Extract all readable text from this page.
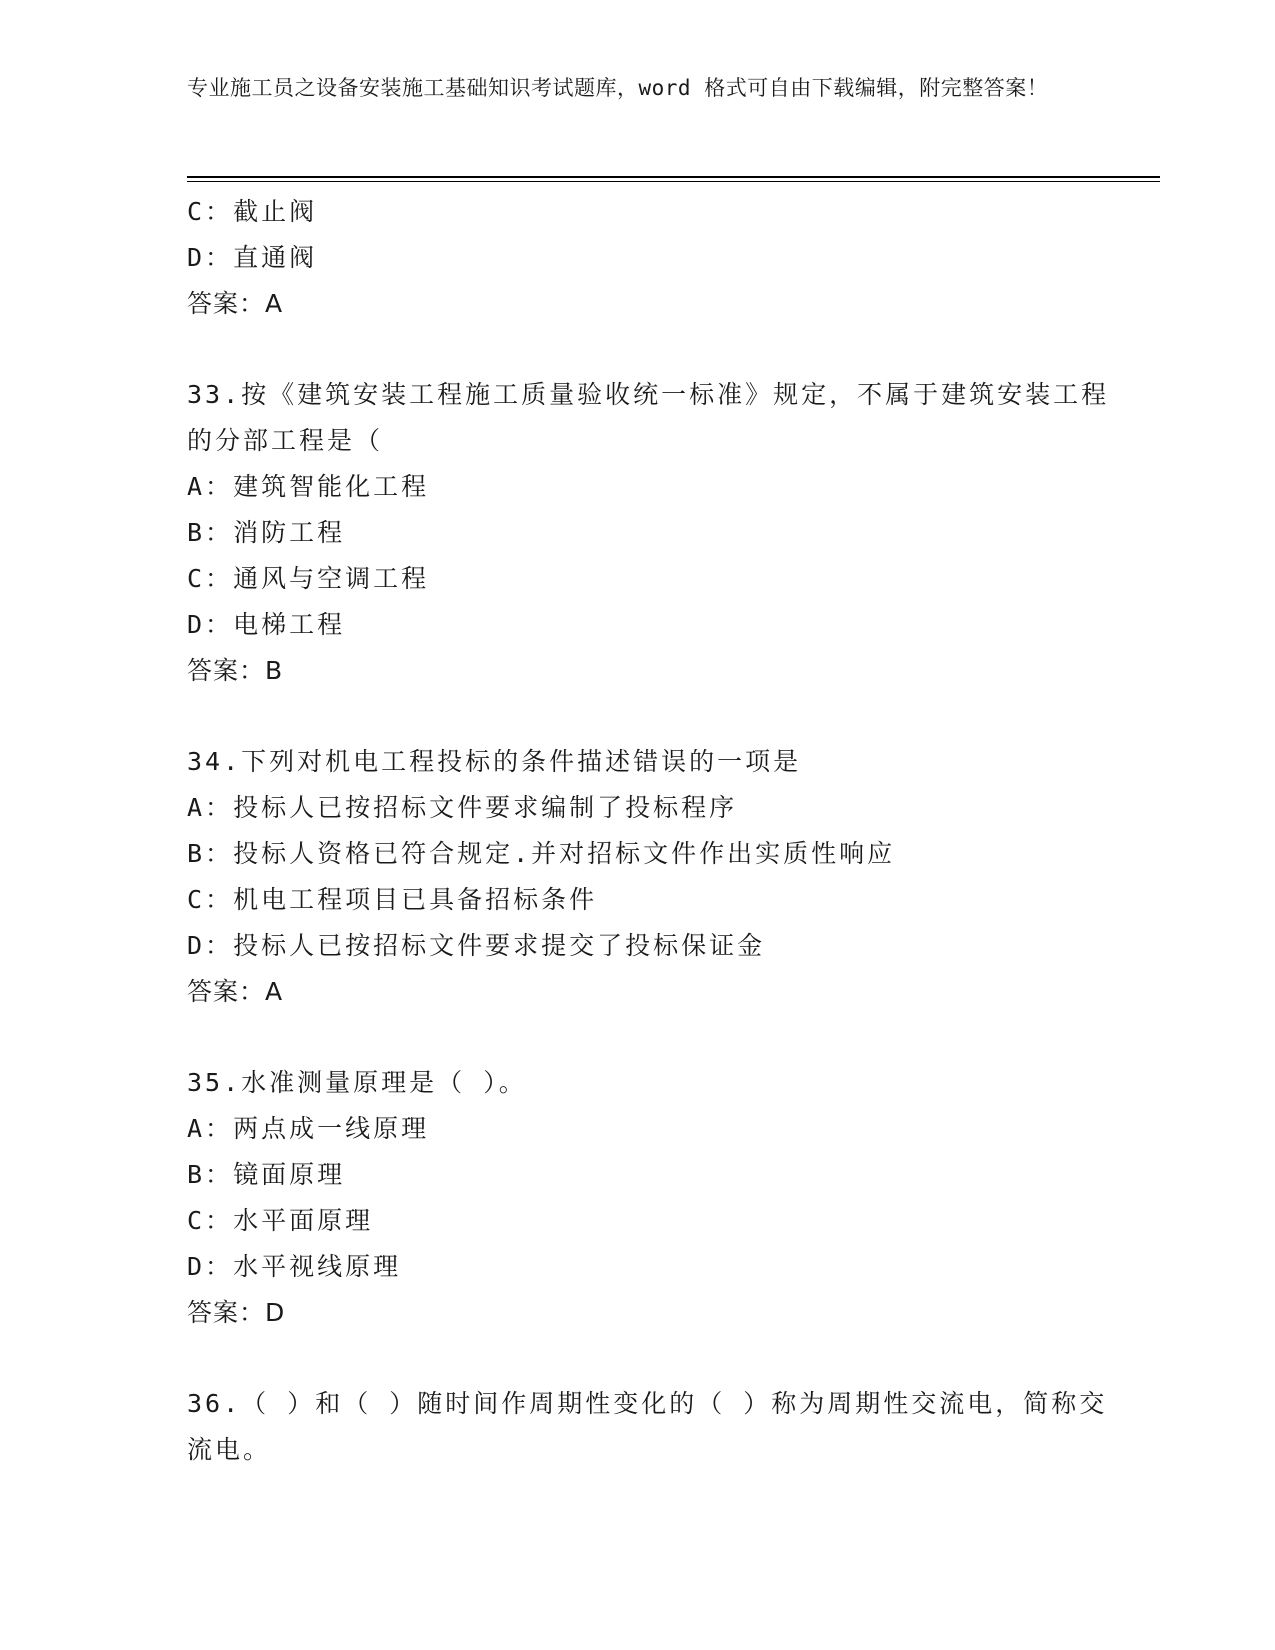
专业施工员之设备安装施工基础知识考试题库，word 格式可自由下载编辑，附完整答案！
C：截止阀
D：直通阀
答案：A
33.按《建筑安装工程施工质量验收统一标准》规定，不属于建筑安装工程的分部工程是（
A：建筑智能化工程
B：消防工程
C：通风与空调工程
D：电梯工程
答案：B
34.下列对机电工程投标的条件描述错误的一项是
A：投标人已按招标文件要求编制了投标程序
B：投标人资格已符合规定.并对招标文件作出实质性响应
C：机电工程项目已具备招标条件
D：投标人已按招标文件要求提交了投标保证金
答案：A
35.水准测量原理是（ ）。
A：两点成一线原理
B：镜面原理
C：水平面原理
D：水平视线原理
答案：D
36.（ ）和（ ）随时间作周期性变化的（ ）称为周期性交流电，简称交流电。
